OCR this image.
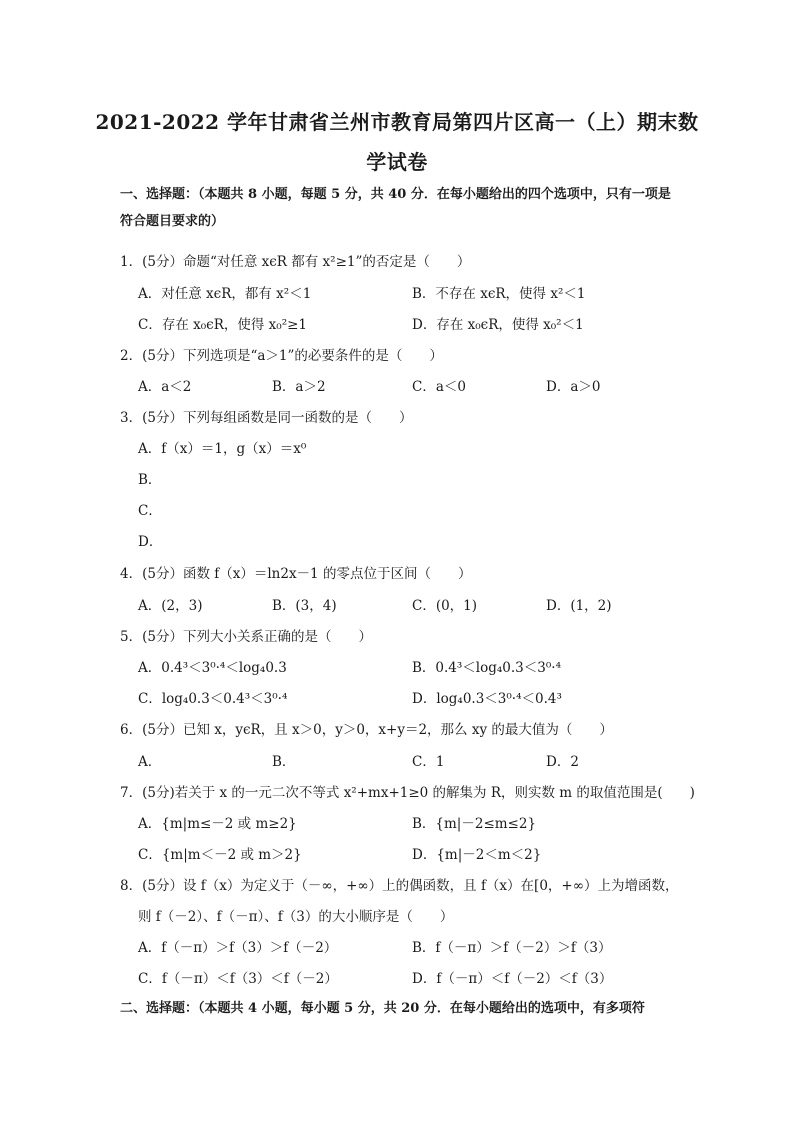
2021-2022 学年甘肃省兰州市教育局第四片区高一（上）期末数
学试卷
一、选择题：（本题共 8 小题，每题 5 分，共 40 分．在每小题给出的四个选项中，只有一项是符合题目要求的）
1．(5分）命题“对任意 xϵR 都有 x²≥1”的否定是（　　）
A．对任意 xϵR，都有 x²＜1	B．不存在 xϵR，使得 x²＜1
C．存在 x₀ϵR，使得 x₀²≥1	D．存在 x₀ϵR，使得 x₀²＜1
2．(5分）下列选项是“a＞1”的必要条件的是（　　）
A．a＜2	B．a＞2	C．a＜0	D．a＞0
3．(5分）下列每组函数是同一函数的是（　　）
A．f（x）＝1，g（x）＝x⁰
B．
C．
D．
4．(5分）函数 f（x）＝ln2x－1 的零点位于区间（　　）
A．(2，3)	B．(3，4)	C．(0，1)	D．(1，2)
5．(5分）下列大小关系正确的是（　　）
A．0.4³＜3⁰·⁴＜log₄0.3	B．0.4³＜log₄0.3＜3⁰·⁴
C．log₄0.3＜0.4³＜3⁰·⁴	D．log₄0.3＜3⁰·⁴＜0.4³
6．(5分）已知 x，yϵR，且 x＞0，y＞0，x+y＝2，那么 xy 的最大值为（　　）
A．	B．	C．1	D．2
7．(5分)若关于 x 的一元二次不等式 x²+mx+1≥0 的解集为 R，则实数 m 的取值范围是(　　)
A．{m|m≤－2 或 m≥2}	B．{m|－2≤m≤2}
C．{m|m＜－2 或 m＞2}	D．{m|－2＜m＜2}
8．(5分）设 f（x）为定义于（－∞，+∞）上的偶函数，且 f（x）在[0，+∞）上为增函数，
则 f（－2）、f（－π）、f（3）的大小顺序是（　　）
A．f（－π）＞f（3）＞f（－2）	B．f（－π）＞f（－2）＞f（3）
C．f（－π）＜f（3）＜f（－2）	D．f（－π）＜f（－2）＜f（3）
二、选择题：（本题共 4 小题，每小题 5 分，共 20 分．在每小题给出的选项中，有多项符
